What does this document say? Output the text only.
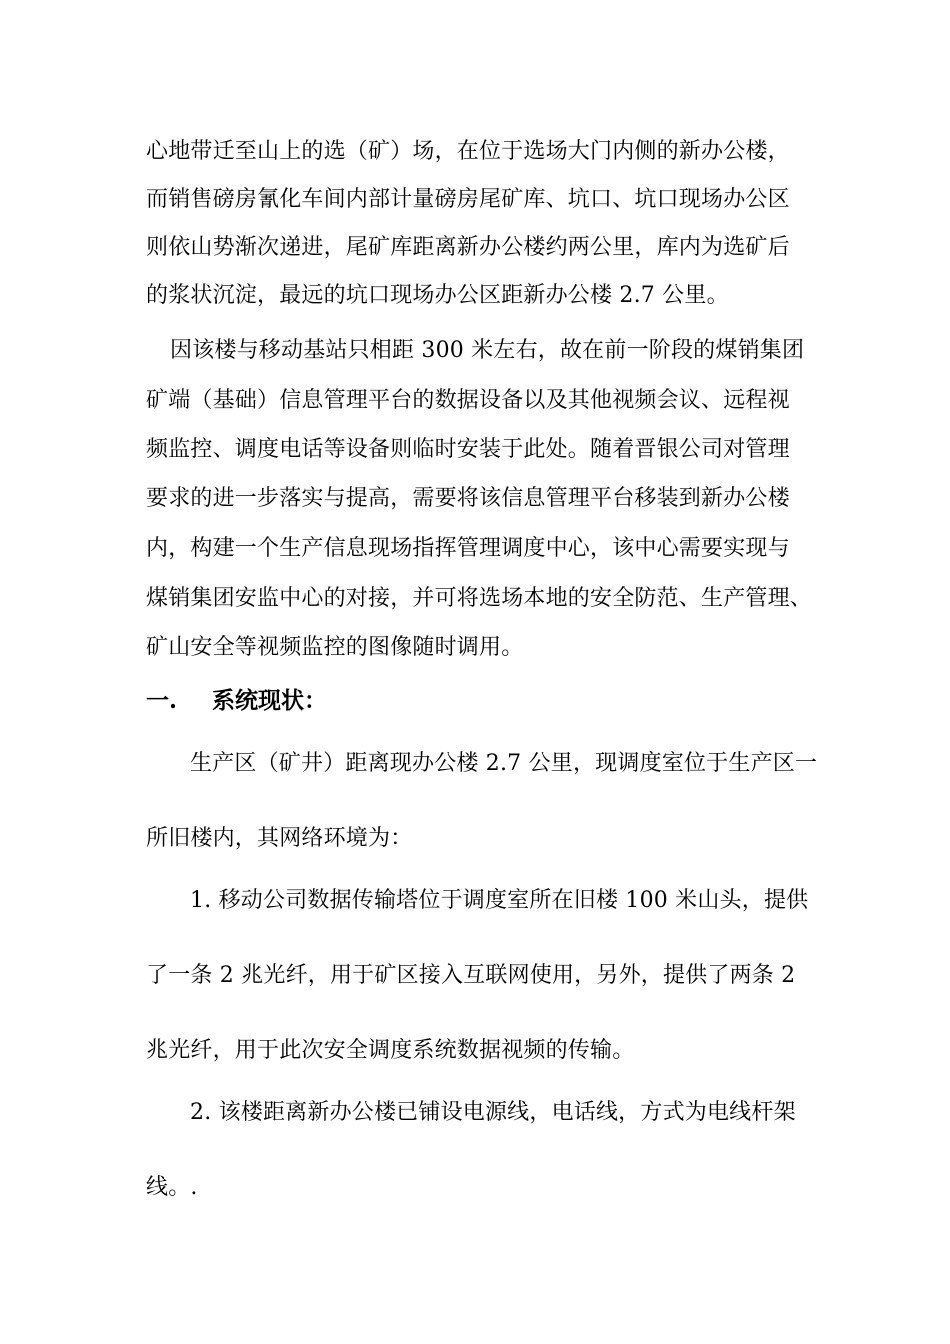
心地带迁至山上的选（矿）场，在位于选场大门内侧的新办公楼，
而销售磅房氰化车间内部计量磅房尾矿库、坑口、坑口现场办公区
则依山势渐次递进，尾矿库距离新办公楼约两公里，库内为选矿后
的浆状沉淀，最远的坑口现场办公区距新办公楼 2.7 公里。
因该楼与移动基站只相距 300 米左右，故在前一阶段的煤销集团
矿端（基础）信息管理平台的数据设备以及其他视频会议、远程视
频监控、调度电话等设备则临时安装于此处。随着晋银公司对管理
要求的进一步落实与提高，需要将该信息管理平台移装到新办公楼
内，构建一个生产信息现场指挥管理调度中心，该中心需要实现与
煤销集团安监中心的对接，并可将选场本地的安全防范、生产管理、
矿山安全等视频监控的图像随时调用。
一. 系统现状：
生产区（矿井）距离现办公楼 2.7 公里，现调度室位于生产区一
所旧楼内，其网络环境为：
1. 移动公司数据传输塔位于调度室所在旧楼 100 米山头，提供
了一条 2 兆光纤，用于矿区接入互联网使用，另外，提供了两条 2
兆光纤，用于此次安全调度系统数据视频的传输。
2. 该楼距离新办公楼已铺设电源线，电话线，方式为电线杆架
线。.
